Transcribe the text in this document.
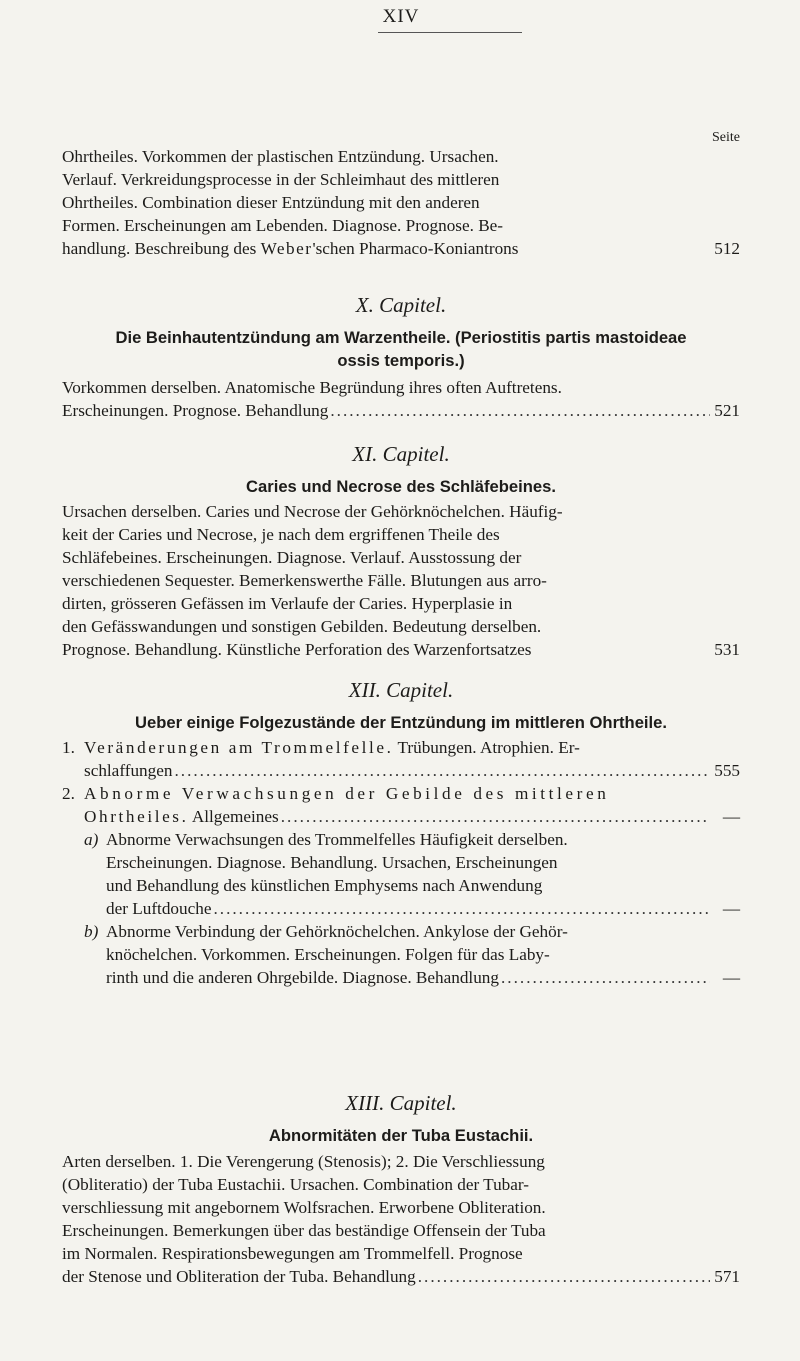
XIV
Seite
Ohrtheiles. Vorkommen der plastischen Entzündung. Ursachen.
Verlauf. Verkreidungsprocesse in der Schleimhaut des mittleren
Ohrtheiles. Combination dieser Entzündung mit den anderen
Formen. Erscheinungen am Lebenden. Diagnose. Prognose. Be-
handlung. Beschreibung des Weber'schen Pharmaco-Koniantrons	512
X. Capitel.
Die Beinhautentzündung am Warzentheile. (Periostitis partis mastoideae
ossis temporis.)
Vorkommen derselben. Anatomische Begründung ihres often Auftretens.
Erscheinungen. Prognose. Behandlung .....	521
XI. Capitel.
Caries und Necrose des Schläfebeines.
Ursachen derselben. Caries und Necrose der Gehörknöchelchen. Häufig-
keit der Caries und Necrose, je nach dem ergriffenen Theile des
Schläfebeines. Erscheinungen. Diagnose. Verlauf. Ausstossung der
verschiedenen Sequester. Bemerkenswerthe Fälle. Blutungen aus arro-
dirten, grösseren Gefässen im Verlaufe der Caries. Hyperplasie in
den Gefässwandungen und sonstigen Gebilden. Bedeutung derselben.
Prognose. Behandlung. Künstliche Perforation des Warzenfortsatzes	531
XII. Capitel.
Ueber einige Folgezustände der Entzündung im mittleren Ohrtheile.
1. Veränderungen am Trommelfelle. Trübungen. Atrophien. Er-
schlaffungen .....	555
2. Abnorme Verwachsungen der Gebilde des mittleren
Ohrtheiles. Allgemeines .....	—
a) Abnorme Verwachsungen des Trommelfelles Häufigkeit derselben.
Erscheinungen. Diagnose. Behandlung. Ursachen, Erscheinungen
und Behandlung des künstlichen Emphysems nach Anwendung
der Luftdouche .....	—
b) Abnorme Verbindung der Gehörknöchelchen. Ankylose der Gehör-
knöchelchen. Vorkommen. Erscheinungen. Folgen für das Laby-
rinth und die anderen Ohrgebilde. Diagnose. Behandlung .....	—
XIII. Capitel.
Abnormitäten der Tuba Eustachii.
Arten derselben. 1. Die Verengerung (Stenosis); 2. Die Verschliessung
(Obliteratio) der Tuba Eustachii. Ursachen. Combination der Tubar-
verschliessung mit angebornem Wolfsrachen. Erworbene Obliteration.
Erscheinungen. Bemerkungen über das beständige Offensein der Tuba
im Normalen. Respirationsbewegungen am Trommelfell. Prognose
der Stenose und Obliteration der Tuba. Behandlung .....	571
